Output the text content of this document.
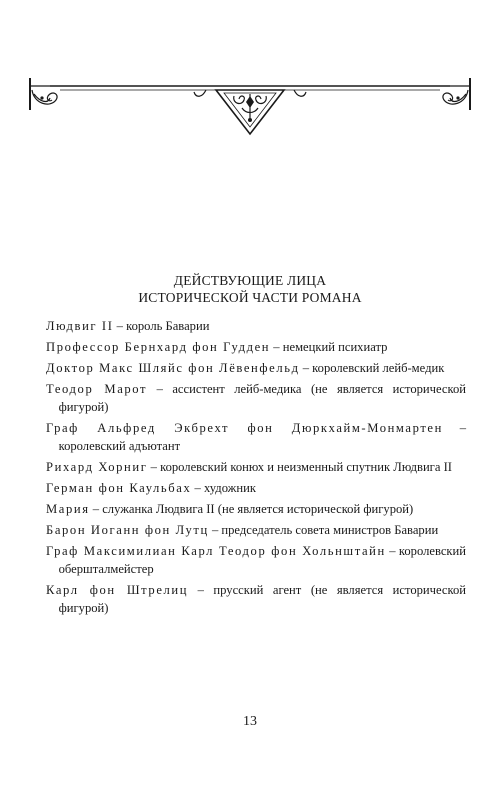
ДЕЙСТВУЮЩИЕ ЛИЦА
ИСТОРИЧЕСКОЙ ЧАСТИ РОМАНА
Людвиг II – король Баварии
Профессор Бернхард фон Гудден – немецкий психиатр
Доктор Макс Шляйс фон Лёвенфельд – королевский лейб-медик
Теодор Марот – ассистент лейб-медика (не является исторической фигурой)
Граф Альфред Экбрехт фон Дюркхайм-Монмартен – королевский адъютант
Рихард Хорниг – королевский конюх и неизменный спутник Людвига II
Герман фон Каульбах – художник
Мария – служанка Людвига II (не является исторической фигурой)
Барон Иоганн фон Лутц – председатель совета министров Баварии
Граф Максимилиан Карл Теодор фон Хольнштайн – королевский обершталмейстер
Карл фон Штрелиц – прусский агент (не является исторической фигурой)
13
